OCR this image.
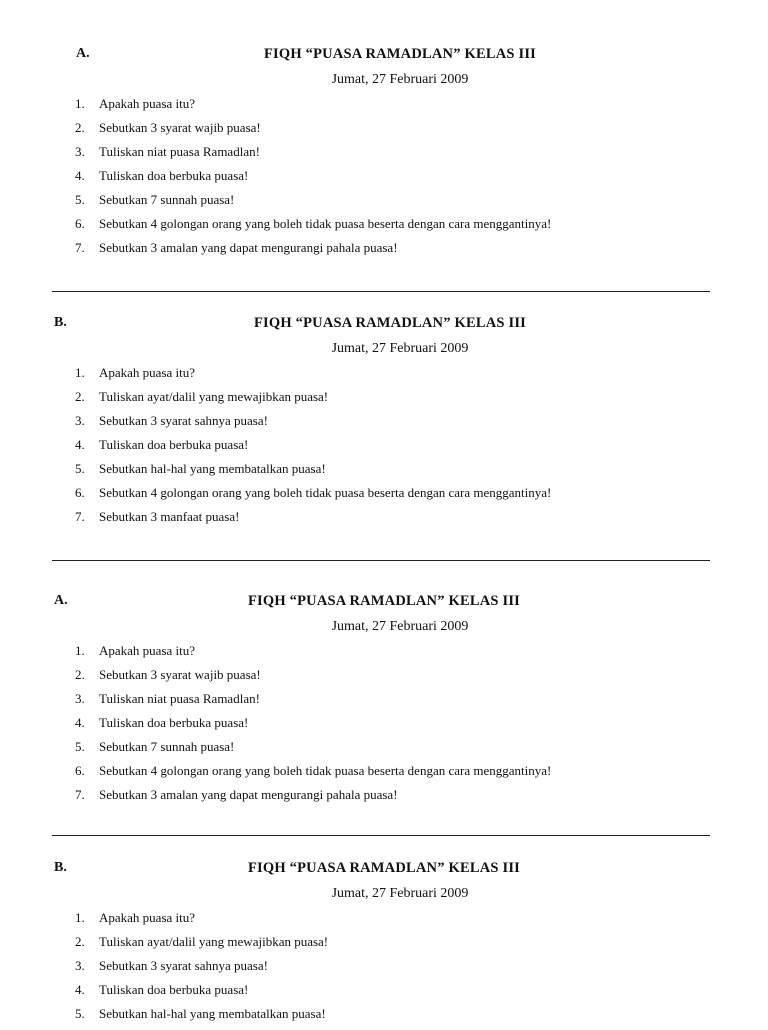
A.	FIQH “PUASA RAMADLAN” KELAS III
Jumat, 27 Februari 2009
1.	Apakah puasa itu?
2.	Sebutkan 3 syarat wajib puasa!
3.	Tuliskan niat puasa Ramadlan!
4.	Tuliskan doa berbuka puasa!
5.	Sebutkan 7 sunnah puasa!
6.	Sebutkan 4 golongan orang yang boleh tidak puasa beserta dengan cara menggantinya!
7.	Sebutkan 3 amalan yang dapat mengurangi pahala puasa!
B.	FIQH “PUASA RAMADLAN” KELAS III
Jumat, 27 Februari 2009
1.	Apakah puasa itu?
2.	Tuliskan ayat/dalil yang mewajibkan puasa!
3.	Sebutkan 3 syarat sahnya puasa!
4.	Tuliskan doa berbuka puasa!
5.	Sebutkan hal-hal yang membatalkan puasa!
6.	Sebutkan 4 golongan orang yang boleh tidak puasa beserta dengan cara menggantinya!
7.	Sebutkan 3 manfaat puasa!
A.	FIQH “PUASA RAMADLAN” KELAS III
Jumat, 27 Februari 2009
1.	Apakah puasa itu?
2.	Sebutkan 3 syarat wajib puasa!
3.	Tuliskan niat puasa Ramadlan!
4.	Tuliskan doa berbuka puasa!
5.	Sebutkan 7 sunnah puasa!
6.	Sebutkan 4 golongan orang yang boleh tidak puasa beserta dengan cara menggantinya!
7.	Sebutkan 3 amalan yang dapat mengurangi pahala puasa!
B.	FIQH “PUASA RAMADLAN” KELAS III
Jumat, 27 Februari 2009
1.	Apakah puasa itu?
2.	Tuliskan ayat/dalil yang mewajibkan puasa!
3.	Sebutkan 3 syarat sahnya puasa!
4.	Tuliskan doa berbuka puasa!
5.	Sebutkan hal-hal yang membatalkan puasa!
